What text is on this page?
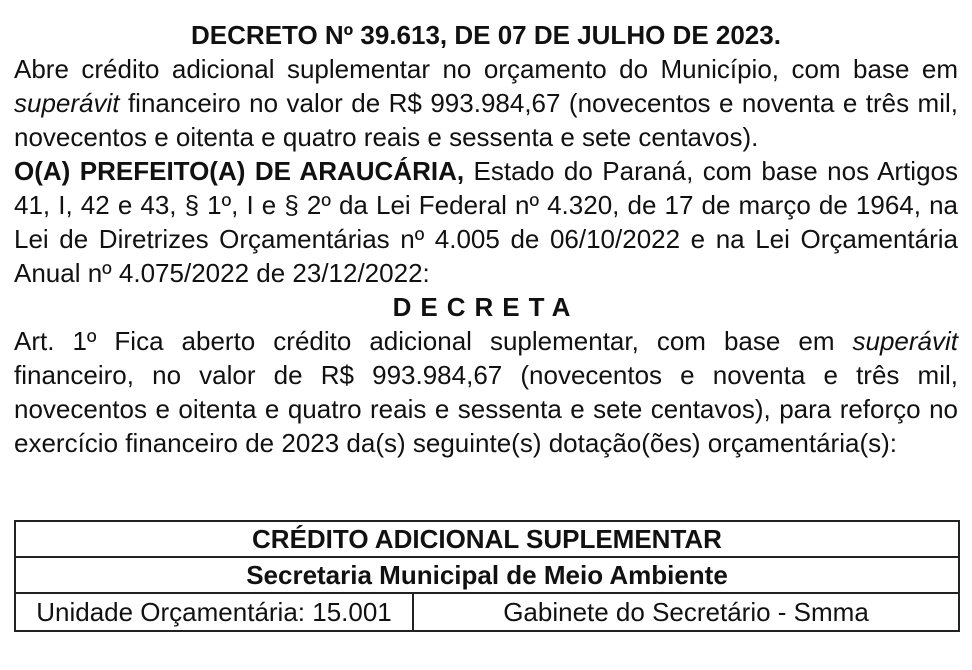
DECRETO Nº 39.613, DE 07 DE JULHO DE 2023.

Abre crédito adicional suplementar no orçamento do Município, com base em superávit financeiro no valor de R$ 993.984,67 (novecentos e noventa e três mil, novecentos e oitenta e quatro reais e sessenta e sete centavos).

O(A) PREFEITO(A) DE ARAUCÁRIA, Estado do Paraná, com base nos Artigos 41, I, 42 e 43, § 1º, I e § 2º da Lei Federal nº 4.320, de 17 de março de 1964, na Lei de Diretrizes Orçamentárias nº 4.005 de 06/10/2022 e na Lei Orçamentária Anual nº 4.075/2022 de 23/12/2022:

DECRETA

Art. 1º Fica aberto crédito adicional suplementar, com base em superávit financeiro, no valor de R$ 993.984,67 (novecentos e noventa e três mil, novecentos e oitenta e quatro reais e sessenta e sete centavos), para reforço no exercício financeiro de 2023 da(s) seguinte(s) dotação(ões) orçamentária(s):

CRÉDITO ADICIONAL SUPLEMENTAR
Secretaria Municipal de Meio Ambiente
Unidade Orçamentária: 15.001	Gabinete do Secretário - Smma
